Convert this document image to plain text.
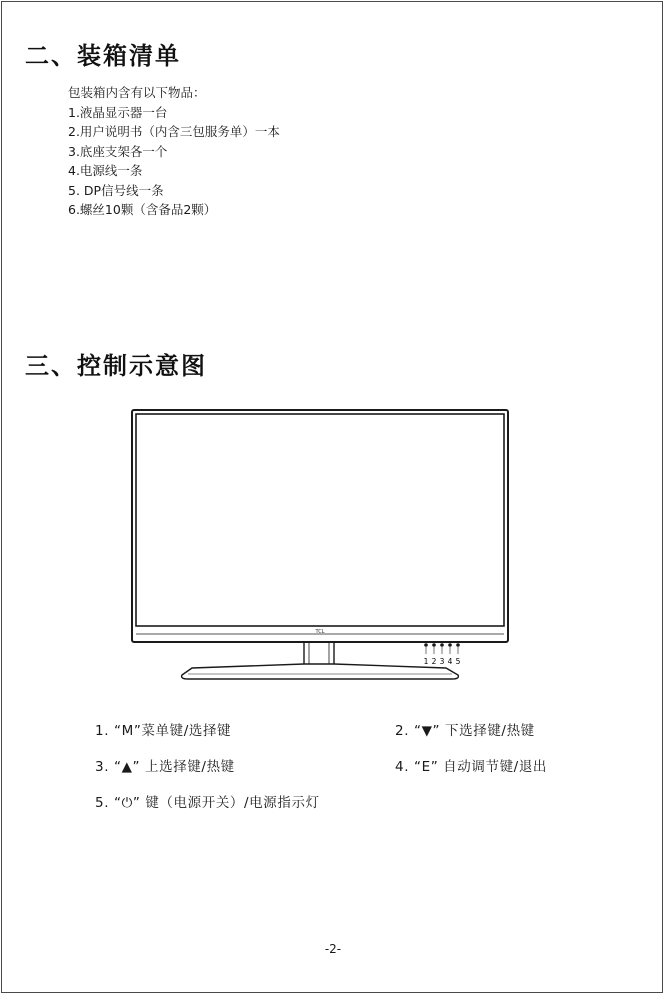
二、装箱清单
包装箱内含有以下物品：
1.液晶显示器一台
2.用户说明书（内含三包服务单）一本
3.底座支架各一个
4.电源线一条
5. DP信号线一条
6.螺丝10颗（含备品2颗）
三、控制示意图
TCL
1 2 3 4 5
1. “M”菜单键/选择键	2. “▼” 下选择键/热键
3. “▲” 上选择键/热键	4. “E” 自动调节键/退出
5. “⏻” 键（电源开关）/电源指示灯
-2-
